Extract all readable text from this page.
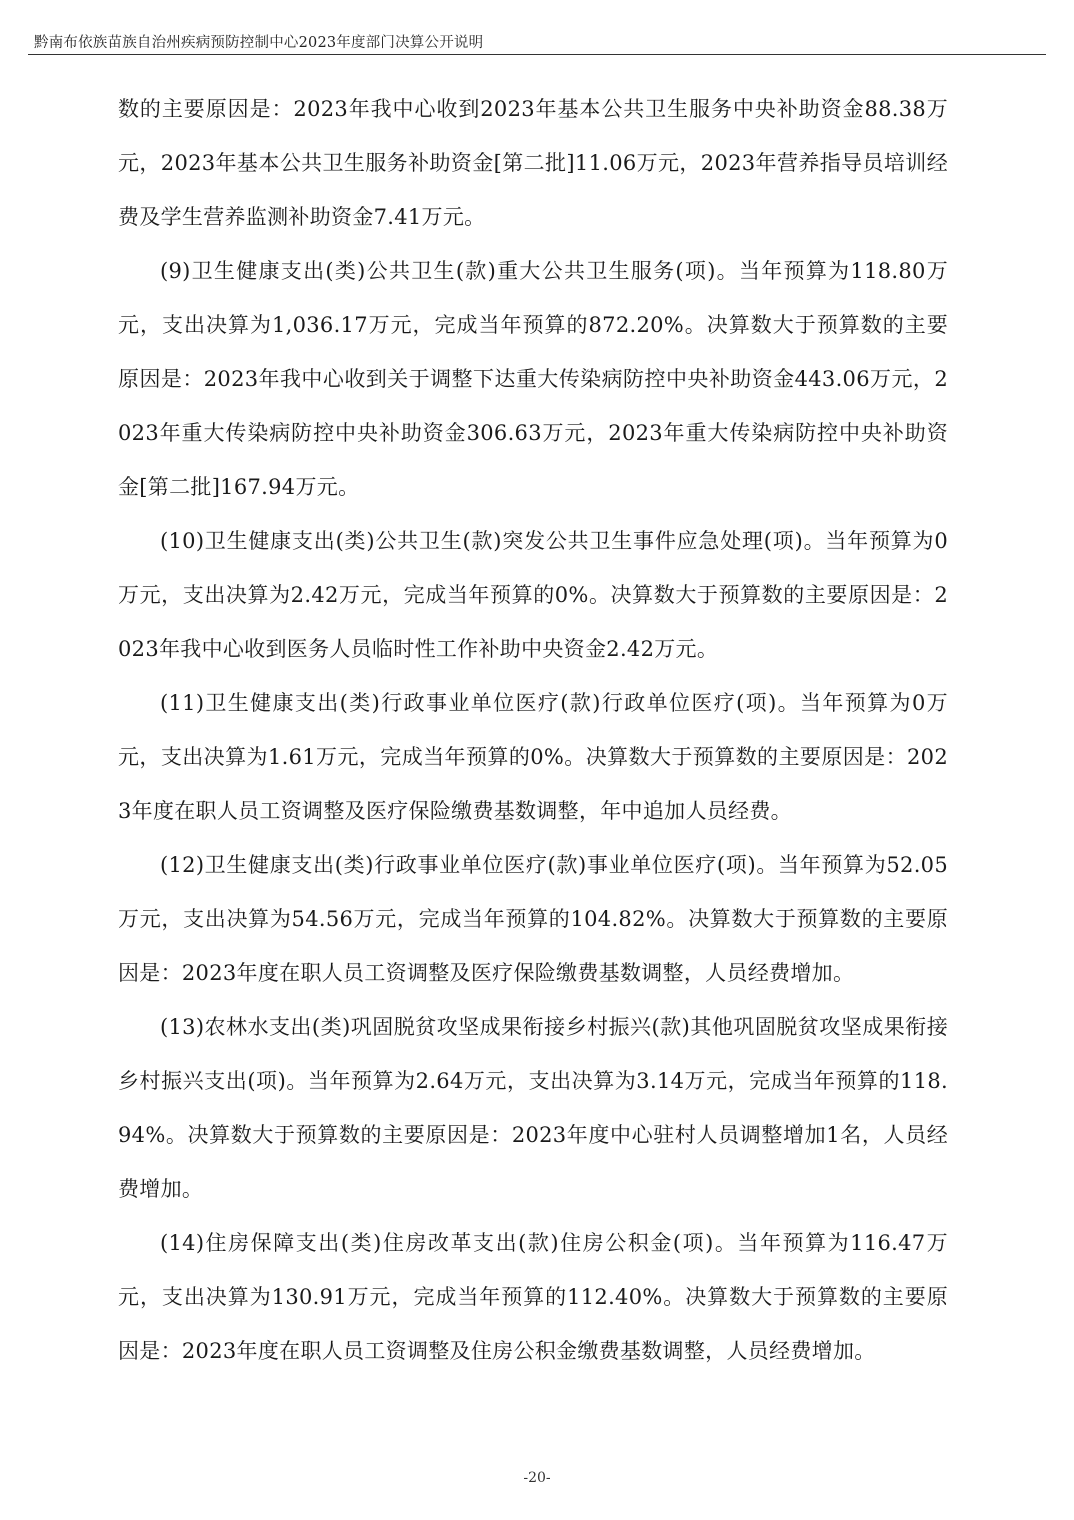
黔南布依族苗族自治州疾病预防控制中心2023年度部门决算公开说明

数的主要原因是：2023年我中心收到2023年基本公共卫生服务中央补助资金88.38万元，2023年基本公共卫生服务补助资金[第二批]11.06万元，2023年营养指导员培训经费及学生营养监测补助资金7.41万元。

(9)卫生健康支出(类)公共卫生(款)重大公共卫生服务(项)。当年预算为118.80万元，支出决算为1,036.17万元，完成当年预算的872.20%。决算数大于预算数的主要原因是：2023年我中心收到关于调整下达重大传染病防控中央补助资金443.06万元，2023年重大传染病防控中央补助资金306.63万元，2023年重大传染病防控中央补助资金[第二批]167.94万元。

(10)卫生健康支出(类)公共卫生(款)突发公共卫生事件应急处理(项)。当年预算为0万元，支出决算为2.42万元，完成当年预算的0%。决算数大于预算数的主要原因是：2023年我中心收到医务人员临时性工作补助中央资金2.42万元。

(11)卫生健康支出(类)行政事业单位医疗(款)行政单位医疗(项)。当年预算为0万元，支出决算为1.61万元，完成当年预算的0%。决算数大于预算数的主要原因是：2023年度在职人员工资调整及医疗保险缴费基数调整，年中追加人员经费。

(12)卫生健康支出(类)行政事业单位医疗(款)事业单位医疗(项)。当年预算为52.05万元，支出决算为54.56万元，完成当年预算的104.82%。决算数大于预算数的主要原因是：2023年度在职人员工资调整及医疗保险缴费基数调整，人员经费增加。

(13)农林水支出(类)巩固脱贫攻坚成果衔接乡村振兴(款)其他巩固脱贫攻坚成果衔接乡村振兴支出(项)。当年预算为2.64万元，支出决算为3.14万元，完成当年预算的118.94%。决算数大于预算数的主要原因是：2023年度中心驻村人员调整增加1名，人员经费增加。

(14)住房保障支出(类)住房改革支出(款)住房公积金(项)。当年预算为116.47万元，支出决算为130.91万元，完成当年预算的112.40%。决算数大于预算数的主要原因是：2023年度在职人员工资调整及住房公积金缴费基数调整，人员经费增加。

-20-
